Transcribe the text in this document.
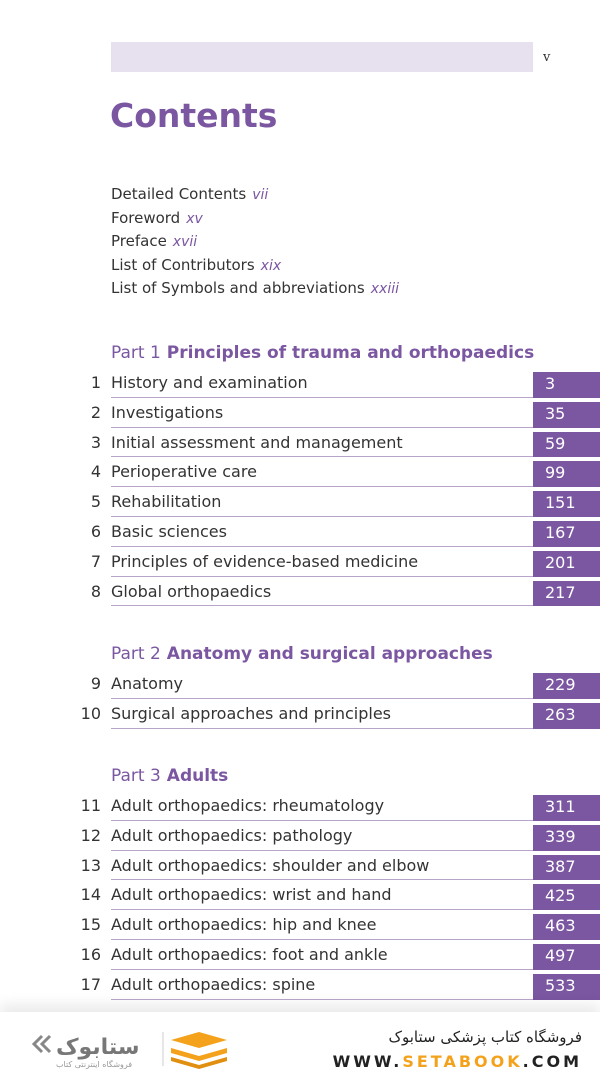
v
Contents
Detailed Contents vii
Foreword xv
Preface xvii
List of Contributors xix
List of Symbols and abbreviations xxiii
Part 1 Principles of trauma and orthopaedics
1 History and examination	3
2 Investigations	35
3 Initial assessment and management	59
4 Perioperative care	99
5 Rehabilitation	151
6 Basic sciences	167
7 Principles of evidence-based medicine	201
8 Global orthopaedics	217
Part 2 Anatomy and surgical approaches
9 Anatomy	229
10 Surgical approaches and principles	263
Part 3 Adults
11 Adult orthopaedics: rheumatology	311
12 Adult orthopaedics: pathology	339
13 Adult orthopaedics: shoulder and elbow	387
14 Adult orthopaedics: wrist and hand	425
15 Adult orthopaedics: hip and knee	463
16 Adult orthopaedics: foot and ankle	497
17 Adult orthopaedics: spine	533
ستابوک
فروشگاه اینترنتی کتاب
فروشگاه کتاب پزشکی ستابوک
WWW.SETABOOK.COM
